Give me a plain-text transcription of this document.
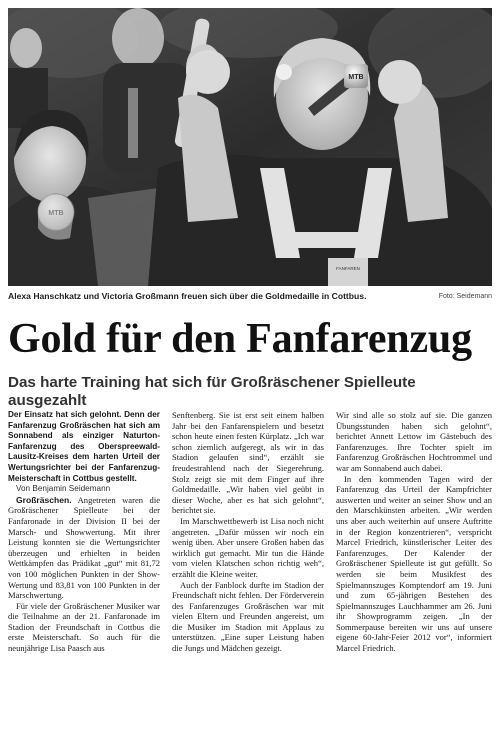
FANFAREN
MTB
Alexa Hanschkatz und Victoria Großmann freuen sich über die Goldmedaille in Cottbus.	Foto: Seidemann
Gold für den Fanfarenzug
Das harte Training hat sich für Großräschener Spielleute ausgezahlt

Der Einsatz hat sich gelohnt. Denn der Fanfarenzug Großräschen hat sich am Sonnabend als einziger Naturton-Fanfarenzug des Oberspreewald-Lausitz-Kreises dem harten Urteil der Wertungsrichter bei der Fanfarenzug-Meisterschaft in Cottbus gestellt.

Von Benjamin Seidemann

Großräschen. Angetreten waren die Großräschener Spielleute bei der Fanfaronade in der Division II bei der Marsch- und Showwertung. Mit ihrer Leistung konnten sie die Wertungsrichter überzeugen und erhielten in beiden Wettkämpfen das Prädikat „gut“ mit 81,72 von 100 möglichen Punkten in der Show-Wertung und 83,81 von 100 Punkten in der Marschwertung.

Für viele der Großräschener Musiker war die Teilnahme an der 21. Fanfaronade im Stadion der Freundschaft in Cottbus die erste Meisterschaft. So auch für die neunjährige Lisa Paasch aus

Senftenberg. Sie ist erst seit einem halben Jahr bei den Fanfarenspielern und besetzt schon heute einen festen Kürplatz. „Ich war schon ziemlich aufgeregt, als wir in das Stadion gelaufen sind“, erzählt sie freudestrahlend nach der Siegerehrung. Stolz zeigt sie mit dem Finger auf ihre Goldmedaille. „Wir haben viel geübt in dieser Woche, aber es hat sich gelohnt“, berichtet sie.

Im Marschwettbewerb ist Lisa noch nicht angetreten. „Dafür müssen wir noch ein wenig üben. Aber unsere Großen haben das wirklich gut gemacht. Mir tun die Hände vom vielen Klatschen schon richtig weh“, erzählt die Kleine weiter.

Auch der Fanblock durfte im Stadion der Freundschaft nicht fehlen. Der Förderverein des Fanfarenzuges Großräschen war mit vielen Eltern und Freunden angereist, um die Musiker im Stadion mit Applaus zu unterstützen. „Eine super Leistung haben die Jungs und Mädchen gezeigt.

Wir sind alle so stolz auf sie. Die ganzen Übungsstunden haben sich gelohnt“, berichtet Annett Lettow im Gästebuch des Fanfarenzuges. Ihre Tochter spielt im Fanfarenzug Großräschen Hochtrommel und war am Sonnabend auch dabei.

In den kommenden Tagen wird der Fanfarenzug das Urteil der Kampfrichter auswerten und weiter an seiner Show und an den Marschkünsten arbeiten. „Wir werden uns aber auch weiterhin auf unsere Auftritte in der Region konzentrieren“, verspricht Marcel Friedrich, künstlerischer Leiter des Fanfarenzuges. Der Kalender der Großräschener Spielleute ist gut gefüllt. So werden sie beim Musikfest des Spielmannszuges Komptendorf am 19. Juni und zum 65-jährigen Bestehen des Spielmannszuges Lauchhammer am 26. Juni ihr Showprogramm zeigen. „In der Sommerpause bereiten wir uns auf unsere eigene 60-Jahr-Feier 2012 vor“, informiert Marcel Friedrich.
